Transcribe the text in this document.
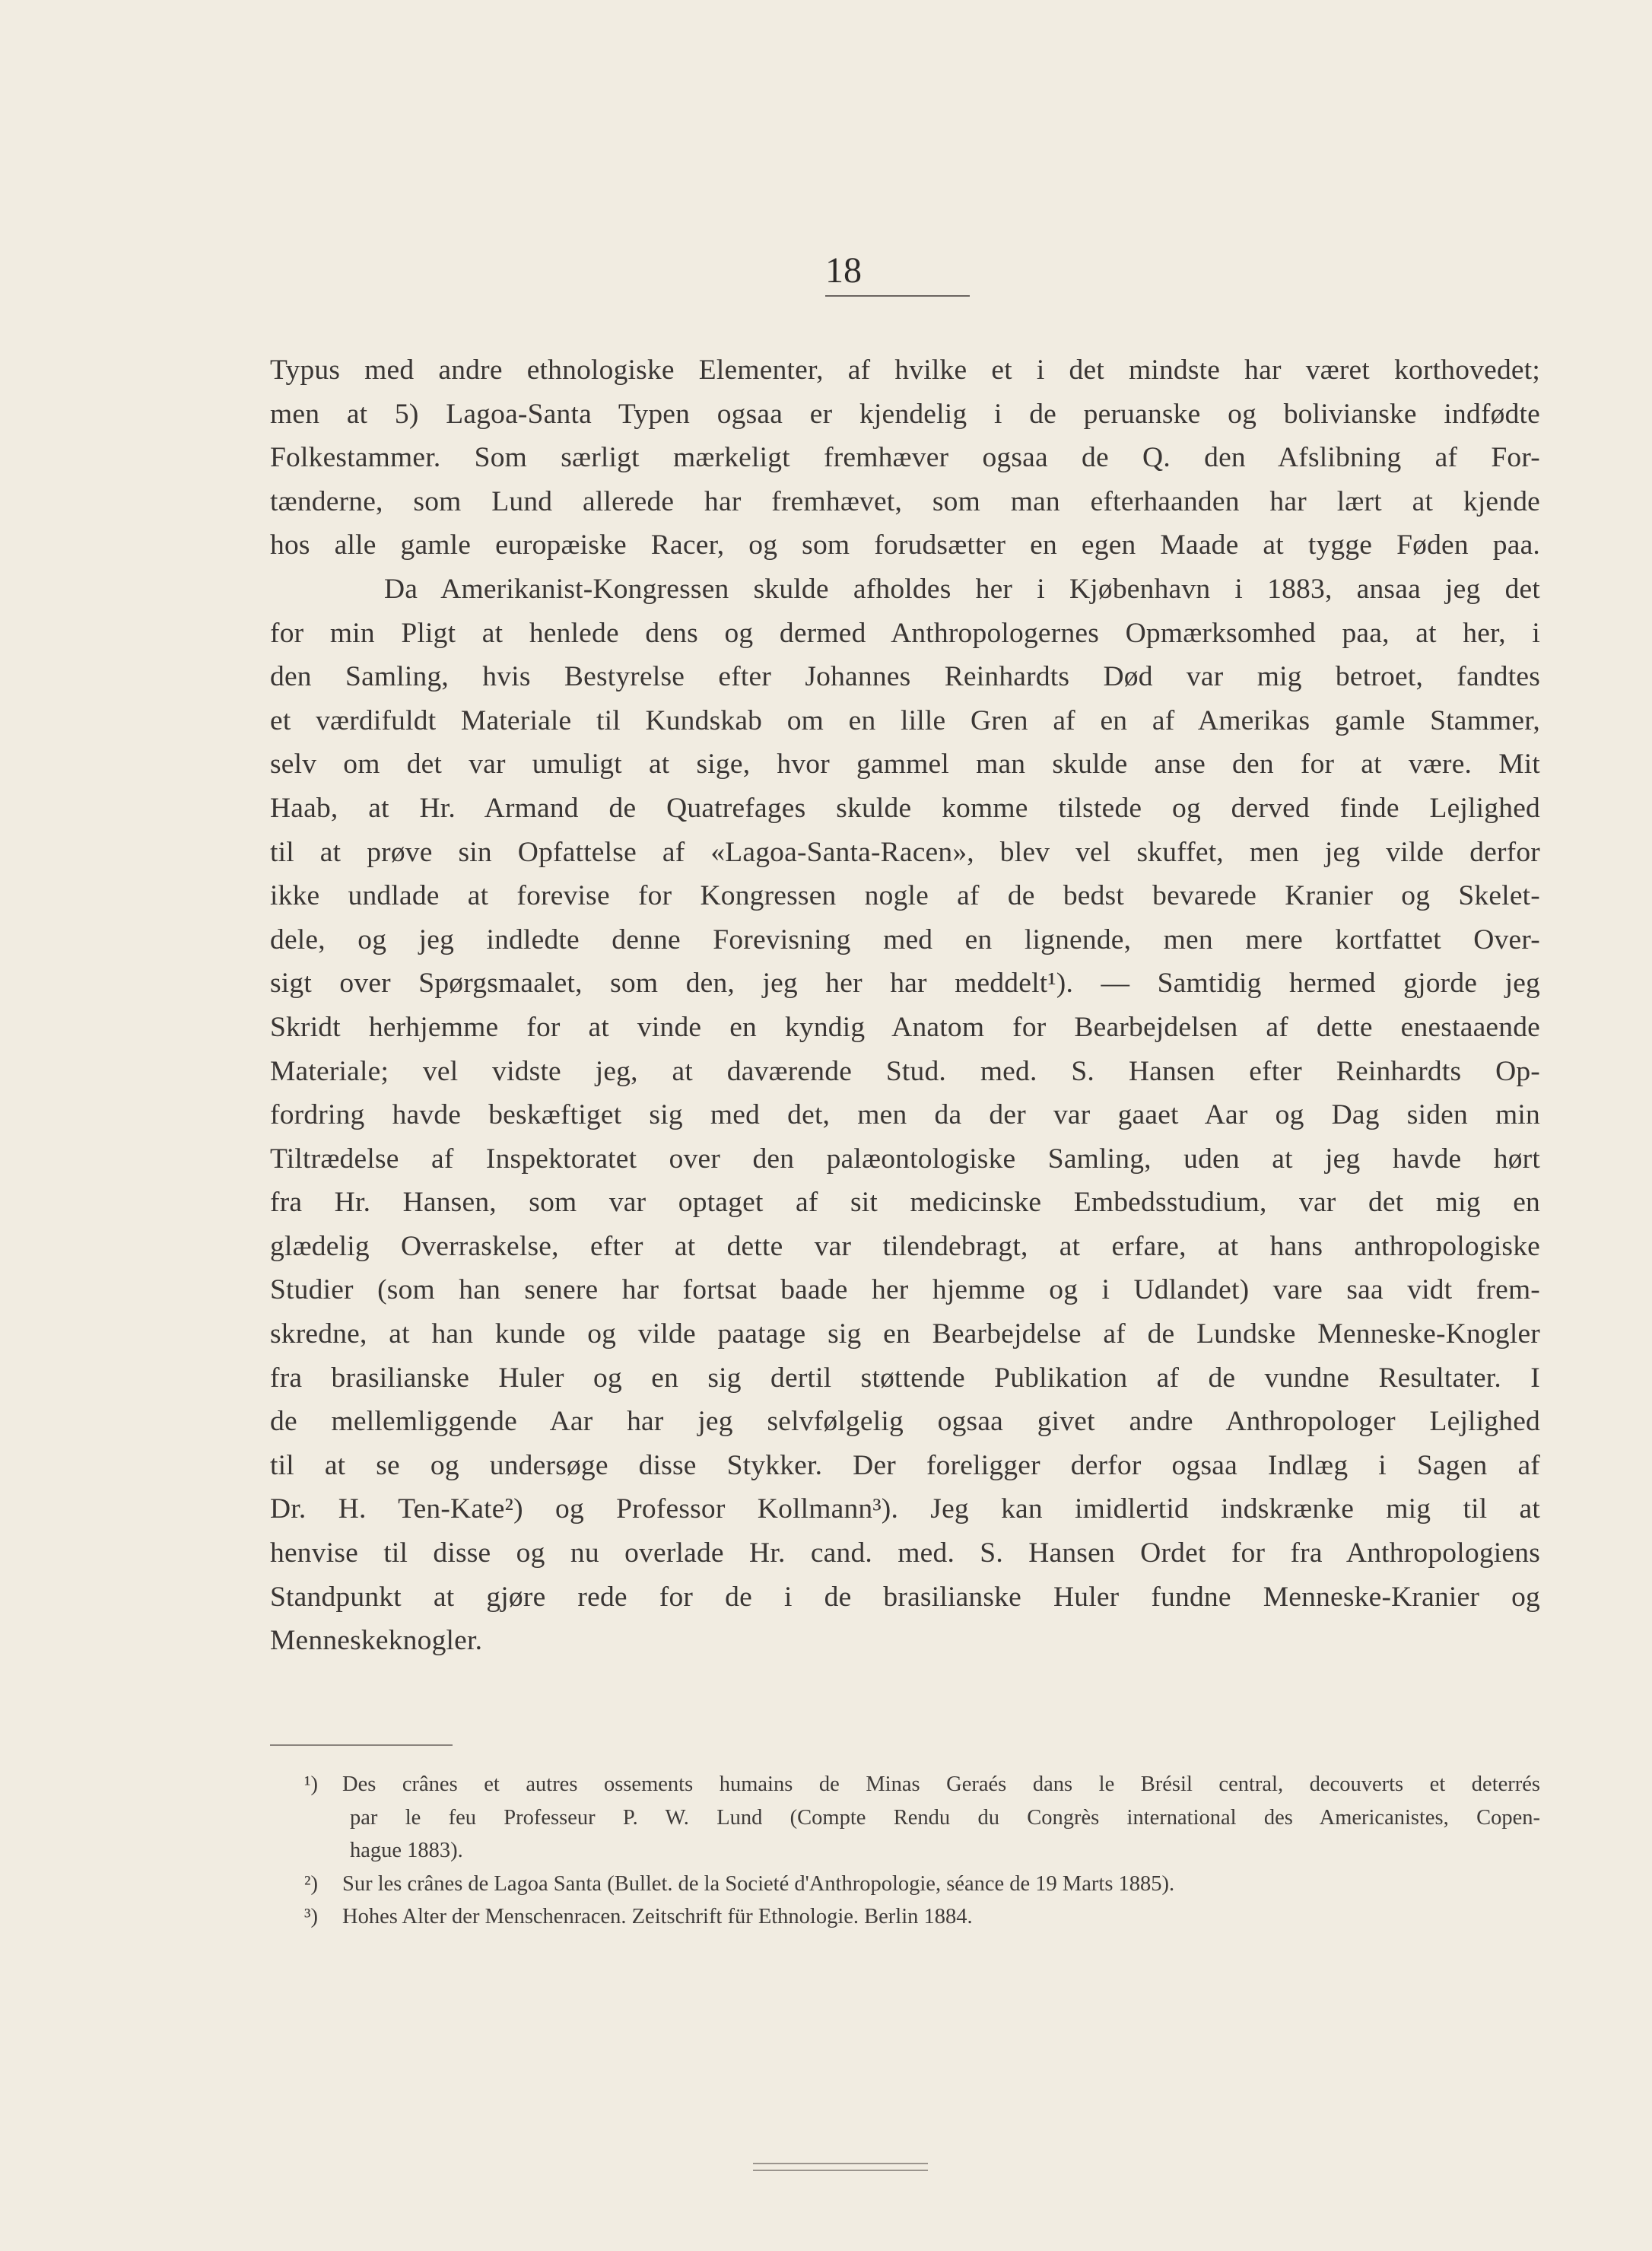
18
Typus med andre ethnologiske Elementer, af hvilke et i det mindste har været korthovedet;
men at 5) Lagoa-Santa Typen ogsaa er kjendelig i de peruanske og bolivianske indfødte
Folkestammer. Som særligt mærkeligt fremhæver ogsaa de Q. den Afslibning af For-
tænderne, som Lund allerede har fremhævet, som man efterhaanden har lært at kjende
hos alle gamle europæiske Racer, og som forudsætter en egen Maade at tygge Føden paa.
Da Amerikanist-Kongressen skulde afholdes her i Kjøbenhavn i 1883, ansaa jeg det
for min Pligt at henlede dens og dermed Anthropologernes Opmærksomhed paa, at her, i
den Samling, hvis Bestyrelse efter Johannes Reinhardts Død var mig betroet, fandtes
et værdifuldt Materiale til Kundskab om en lille Gren af en af Amerikas gamle Stammer,
selv om det var umuligt at sige, hvor gammel man skulde anse den for at være. Mit
Haab, at Hr. Armand de Quatrefages skulde komme tilstede og derved finde Lejlighed
til at prøve sin Opfattelse af «Lagoa-Santa-Racen», blev vel skuffet, men jeg vilde derfor
ikke undlade at forevise for Kongressen nogle af de bedst bevarede Kranier og Skelet-
dele, og jeg indledte denne Forevisning med en lignende, men mere kortfattet Over-
sigt over Spørgsmaalet, som den, jeg her har meddelt¹). — Samtidig hermed gjorde jeg
Skridt herhjemme for at vinde en kyndig Anatom for Bearbejdelsen af dette enestaaende
Materiale; vel vidste jeg, at daværende Stud. med. S. Hansen efter Reinhardts Op-
fordring havde beskæftiget sig med det, men da der var gaaet Aar og Dag siden min
Tiltrædelse af Inspektoratet over den palæontologiske Samling, uden at jeg havde hørt
fra Hr. Hansen, som var optaget af sit medicinske Embedsstudium, var det mig en
glædelig Overraskelse, efter at dette var tilendebragt, at erfare, at hans anthropologiske
Studier (som han senere har fortsat baade her hjemme og i Udlandet) vare saa vidt frem-
skredne, at han kunde og vilde paatage sig en Bearbejdelse af de Lundske Menneske-Knogler
fra brasilianske Huler og en sig dertil støttende Publikation af de vundne Resultater. I
de mellemliggende Aar har jeg selvfølgelig ogsaa givet andre Anthropologer Lejlighed
til at se og undersøge disse Stykker. Der foreligger derfor ogsaa Indlæg i Sagen af
Dr. H. Ten-Kate²) og Professor Kollmann³). Jeg kan imidlertid indskrænke mig til at
henvise til disse og nu overlade Hr. cand. med. S. Hansen Ordet for fra Anthropologiens
Standpunkt at gjøre rede for de i de brasilianske Huler fundne Menneske-Kranier og
Menneskeknogler.
¹) Des crânes et autres ossements humains de Minas Geraés dans le Brésil central, decouverts et deterrés
par le feu Professeur P. W. Lund (Compte Rendu du Congrès international des Americanistes, Copen-
hague 1883).
²) Sur les crânes de Lagoa Santa (Bullet. de la Societé d'Anthropologie, séance de 19 Marts 1885).
³) Hohes Alter der Menschenracen. Zeitschrift für Ethnologie. Berlin 1884.
